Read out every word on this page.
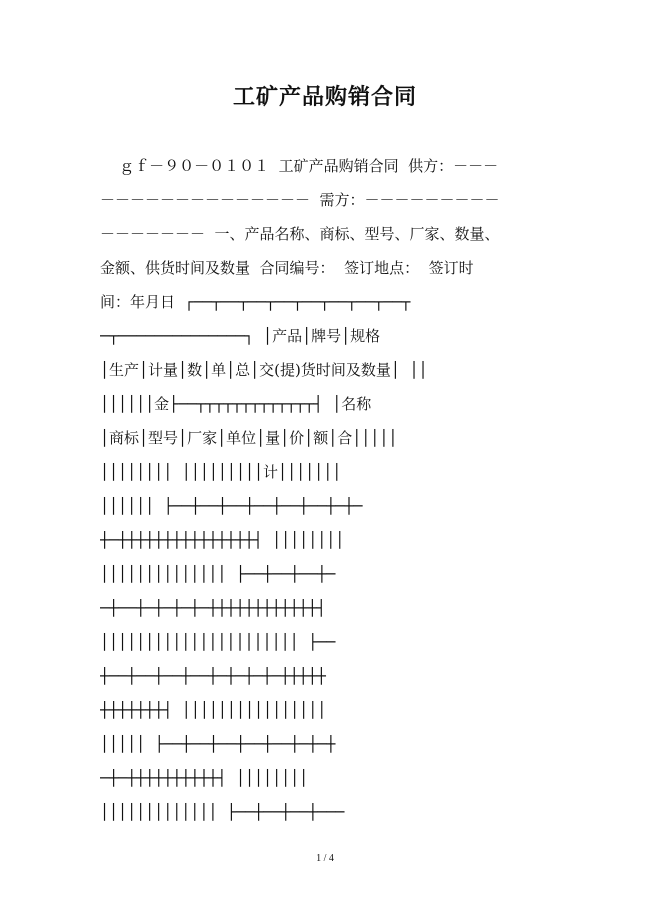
工矿产品购销合同
ｇｆ－９０－０１０１  工矿产品购销合同  供方：－－－
－－－－－－－－－－－－－－  需方：－－－－－－－－－
－－－－－－－  一、产品名称、商标、型号、厂家、数量、
金额、供货时间及数量  合同编号：  签订地点：  签订时
间：年月日  ┌──┬──┬──┬──┬──┬──┬──┬──┬
─┬──────────────┐  │产品│牌号│规格
│生产│计量│数│单│总│交(提)货时间及数量│  ││
││││││金├──┬┬┬┬┬┬┬┬┬┬┬┬┬┤  │名称
│商标│型号│厂家│单位│量│价│额│合│││││
││││││││  │││││││││计│││││││
││││││  ├──┼──┼──┼──┼──┼──┼─┼─
┼─┼┼┼┼┼┼┼┼┼┼┼┼┼┼┼┤  ││││││││
││││││││││││││  ├──┼──┼──┼─
─┼──┼─┼─┼─┼─┼┼┼┼┼┼┼┼┼┼┼┼┤
││││││││││││││││││││││  ├──
┼──┼──┼──┼──┼─┼─┼─┼─┼┼┼┼┼
┼┼┼┼┼┼┼┤  ││││││││││││││││
│││││  ├──┼──┼──┼──┼──┼─┼─┼
─┼─┼┼┼┼┼┼┼┼┼┼┤  ││││││││
│││││││││││││  ├──┼──┼──┼───
1 / 4
